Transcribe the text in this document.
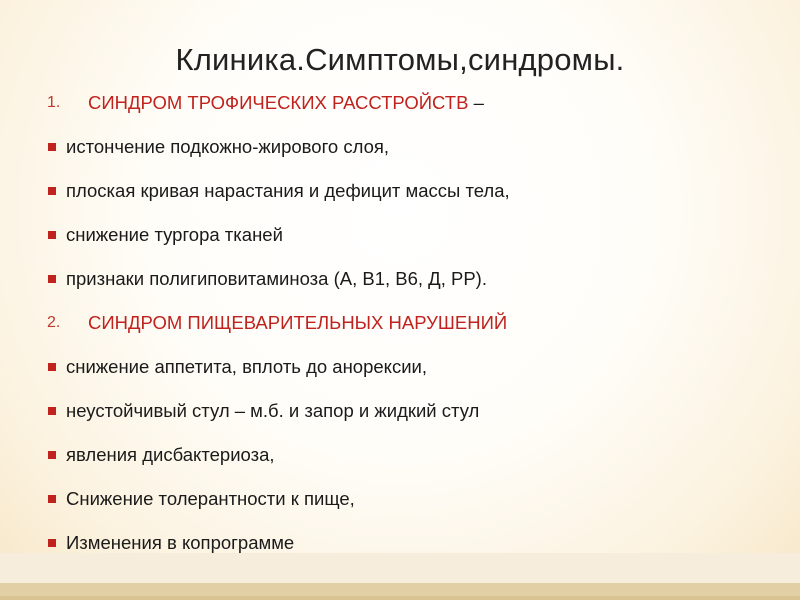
Клиника.Симптомы,синдромы.
1.	СИНДРОМ ТРОФИЧЕСКИХ РАССТРОЙСТВ –
истончение подкожно-жирового слоя,
плоская кривая нарастания и дефицит массы тела,
снижение тургора тканей
признаки полигиповитаминоза (А, В1, В6, Д, РР).
2.	СИНДРОМ ПИЩЕВАРИТЕЛЬНЫХ НАРУШЕНИЙ
снижение аппетита, вплоть до анорексии,
неустойчивый стул – м.б. и запор и жидкий стул
явления дисбактериоза,
Снижение толерантности к пище,
Изменения в копрограмме
